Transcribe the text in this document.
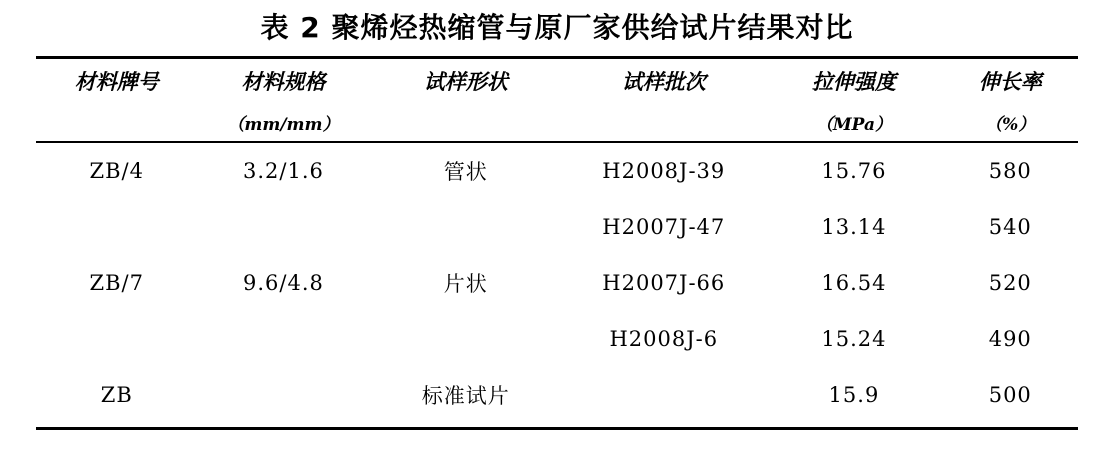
表 2 聚烯烃热缩管与原厂家供给试片结果对比
材料牌号	材料规格	试样形状	试样批次	拉伸强度	伸长率
	（mm/mm）			（MPa）	（%）
ZB/4	3.2/1.6	管状	H2008J-39	15.76	580
			H2007J-47	13.14	540
ZB/7	9.6/4.8	片状	H2007J-66	16.54	520
			H2008J-6	15.24	490
ZB		标准试片		15.9	500
